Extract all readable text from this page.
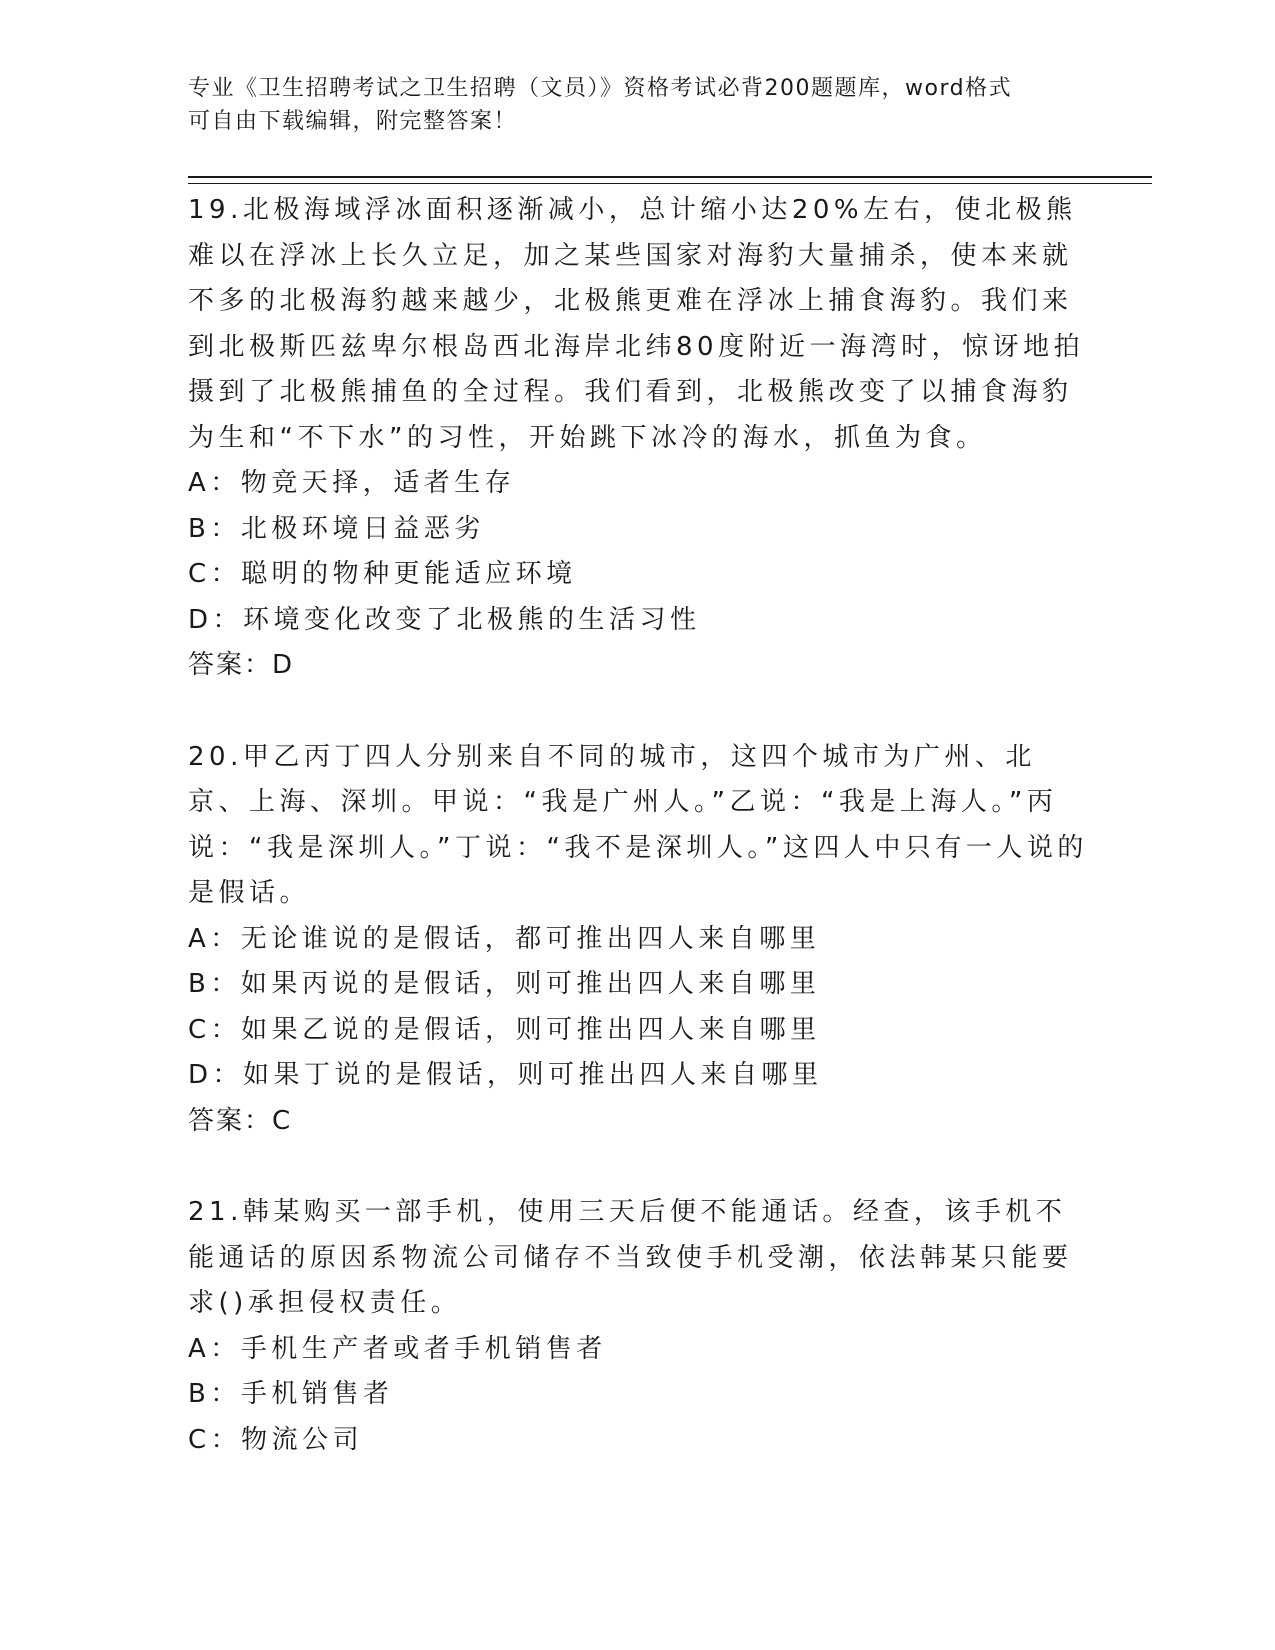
专业《卫生招聘考试之卫生招聘（文员）》资格考试必背200题题库，word格式
可自由下载编辑，附完整答案！

19.北极海域浮冰面积逐渐减小，总计缩小达20%左右，使北极熊难以在浮冰上长久立足，加之某些国家对海豹大量捕杀，使本来就不多的北极海豹越来越少，北极熊更难在浮冰上捕食海豹。我们来到北极斯匹兹卑尔根岛西北海岸北纬80度附近一海湾时，惊讶地拍摄到了北极熊捕鱼的全过程。我们看到，北极熊改变了以捕食海豹为生和“不下水”的习性，开始跳下冰冷的海水，抓鱼为食。

A：物竞天择，适者生存

B：北极环境日益恶劣

C：聪明的物种更能适应环境

D：环境变化改变了北极熊的生活习性

答案：D

20.甲乙丙丁四人分别来自不同的城市，这四个城市为广州、北京、上海、深圳。甲说：“我是广州人。”乙说：“我是上海人。”丙说：“我是深圳人。”丁说：“我不是深圳人。”这四人中只有一人说的是假话。

A：无论谁说的是假话，都可推出四人来自哪里

B：如果丙说的是假话，则可推出四人来自哪里

C：如果乙说的是假话，则可推出四人来自哪里

D：如果丁说的是假话，则可推出四人来自哪里

答案：C

21.韩某购买一部手机，使用三天后便不能通话。经查，该手机不能通话的原因系物流公司储存不当致使手机受潮，依法韩某只能要求()承担侵权责任。

A：手机生产者或者手机销售者

B：手机销售者

C：物流公司
